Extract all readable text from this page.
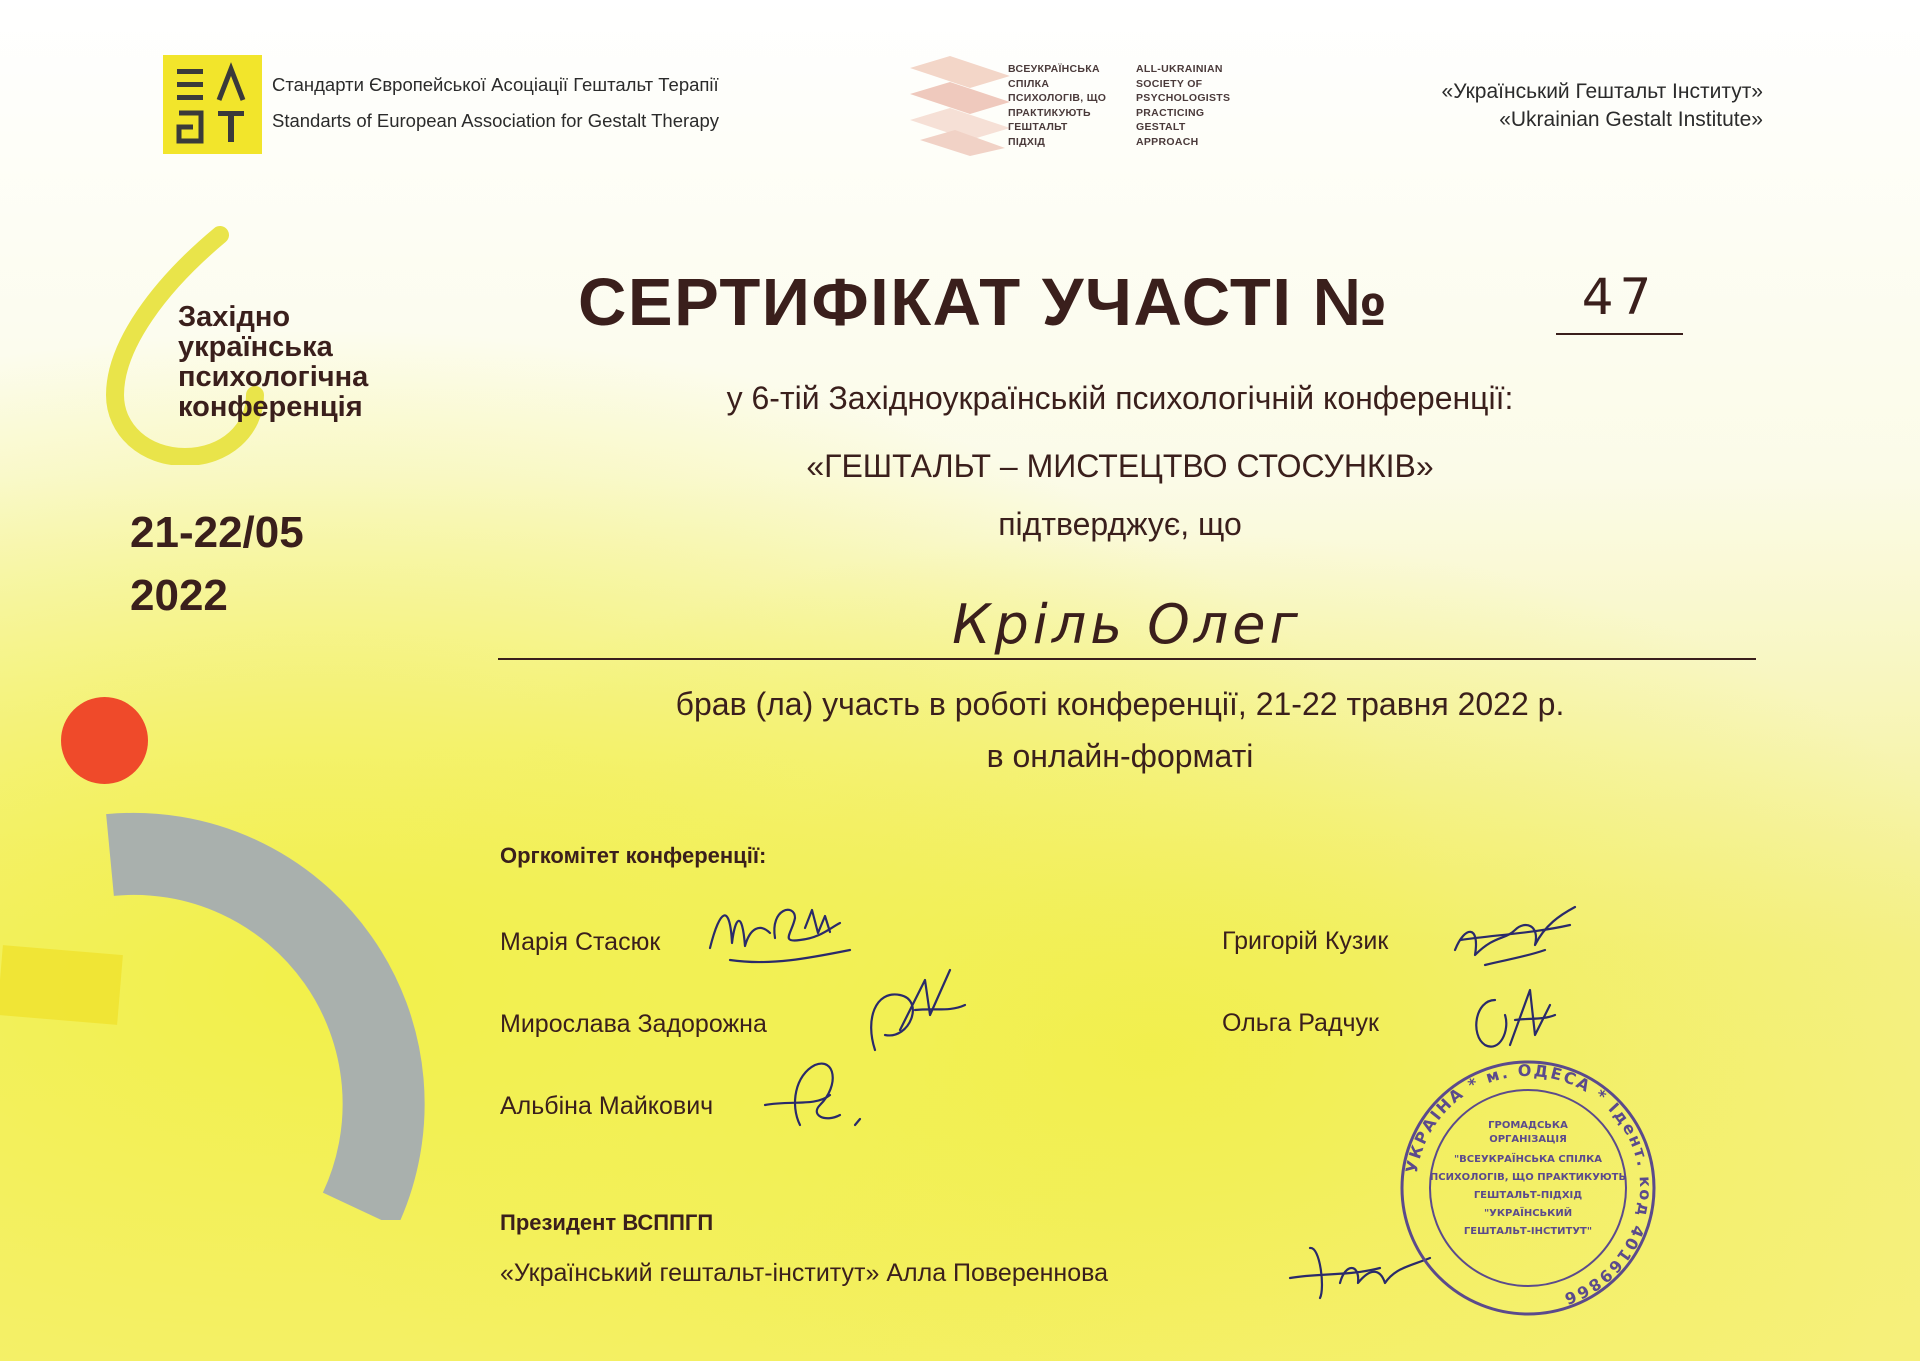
Стандарти Європейської Асоціації Гештальт Терапії
Standarts of European Association for Gestalt Therapy
ВСЕУКРАЇНСЬКА
СПІЛКА
ПСИХОЛОГІВ, ЩО
ПРАКТИКУЮТЬ
ГЕШТАЛЬТ
ПІДХІД
ALL-UKRAINIAN
SOCIETY OF
PSYCHOLOGISTS
PRACTICING
GESTALT
APPROACH
«Український Гештальт Інститут»
«Ukrainian Gestalt Institute»
Західно
українська
психологічна
конференція
21-22/05
2022
СЕРТИФІКАТ УЧАСТІ №	47
у 6-тій Західноукраїнській психологічній конференції:
«ГЕШТАЛЬТ – МИСТЕЦТВО СТОСУНКІВ»
підтверджує, що
Кріль Олег
брав (ла) участь в роботі конференції, 21-22 травня 2022 р.
в онлайн-форматі
Оргкомітет конференції:
Марія Стасюк
Мирослава Задорожна
Альбіна Майкович
Григорій Кузик
Ольга Радчук
Президент ВСППГП
«Український гештальт-інститут» Алла Повереннова
УКРАЇНА * м. ОДЕСА * Ідент. код 40169866
ГРОМАДСЬКА
ОРГАНІЗАЦІЯ
"ВСЕУКРАЇНСЬКА СПІЛКА
ПСИХОЛОГІВ, ЩО ПРАКТИКУЮТЬ
ГЕШТАЛЬТ-ПІДХІД
"УКРАЇНСЬКИЙ
ГЕШТАЛЬТ-ІНСТИТУТ"
